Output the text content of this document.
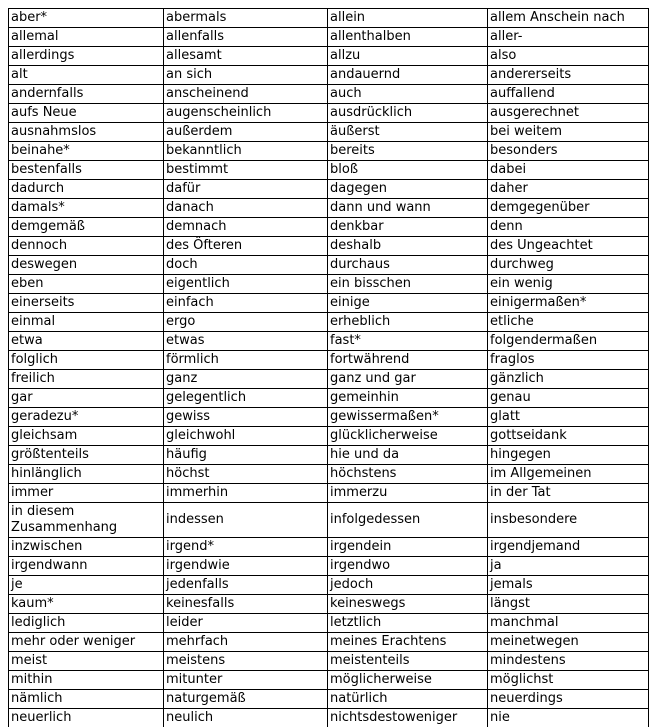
aber*	abermals	allein	allem Anschein nach
allemal	allenfalls	allenthalben	aller-
allerdings	allesamt	allzu	also
alt	an sich	andauernd	andererseits
andernfalls	anscheinend	auch	auffallend
aufs Neue	augenscheinlich	ausdrücklich	ausgerechnet
ausnahmslos	außerdem	äußerst	bei weitem
beinahe*	bekanntlich	bereits	besonders
bestenfalls	bestimmt	bloß	dabei
dadurch	dafür	dagegen	daher
damals*	danach	dann und wann	demgegenüber
demgemäß	demnach	denkbar	denn
dennoch	des Öfteren	deshalb	des Ungeachtet
deswegen	doch	durchaus	durchweg
eben	eigentlich	ein bisschen	ein wenig
einerseits	einfach	einige	einigermaßen*
einmal	ergo	erheblich	etliche
etwa	etwas	fast*	folgendermaßen
folglich	förmlich	fortwährend	fraglos
freilich	ganz	ganz und gar	gänzlich
gar	gelegentlich	gemeinhin	genau
geradezu*	gewiss	gewissermaßen*	glatt
gleichsam	gleichwohl	glücklicherweise	gottseidank
größtenteils	häufig	hie und da	hingegen
hinlänglich	höchst	höchstens	im Allgemeinen
immer	immerhin	immerzu	in der Tat
in diesem Zusammenhang	indessen	infolgedessen	insbesondere
inzwischen	irgend*	irgendein	irgendjemand
irgendwann	irgendwie	irgendwo	ja
je	jedenfalls	jedoch	jemals
kaum*	keinesfalls	keineswegs	längst
lediglich	leider	letztlich	manchmal
mehr oder weniger	mehrfach	meines Erachtens	meinetwegen
meist	meistens	meistenteils	mindestens
mithin	mitunter	möglicherweise	möglichst
nämlich	naturgemäß	natürlich	neuerdings
neuerlich	neulich	nichtsdestoweniger	nie
